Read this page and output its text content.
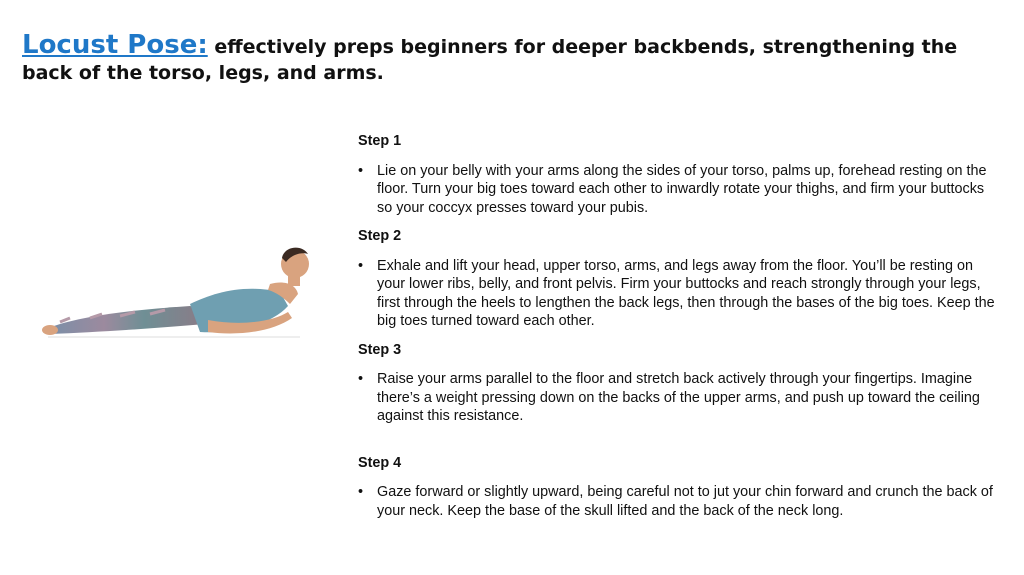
Locust Pose: effectively preps beginners for deeper backbends, strengthening the back of the torso, legs, and arms.
Step 1
• Lie on your belly with your arms along the sides of your torso, palms up, forehead resting on the floor. Turn your big toes toward each other to inwardly rotate your thighs, and firm your buttocks so your coccyx presses toward your pubis.
Step 2
• Exhale and lift your head, upper torso, arms, and legs away from the floor. You’ll be resting on your lower ribs, belly, and front pelvis. Firm your buttocks and reach strongly through your legs, first through the heels to lengthen the back legs, then through the bases of the big toes. Keep the big toes turned toward each other.
Step 3
• Raise your arms parallel to the floor and stretch back actively through your fingertips. Imagine there’s a weight pressing down on the backs of the upper arms, and push up toward the ceiling against this resistance.
Step 4
• Gaze forward or slightly upward, being careful not to jut your chin forward and crunch the back of your neck. Keep the base of the skull lifted and the back of the neck long.
